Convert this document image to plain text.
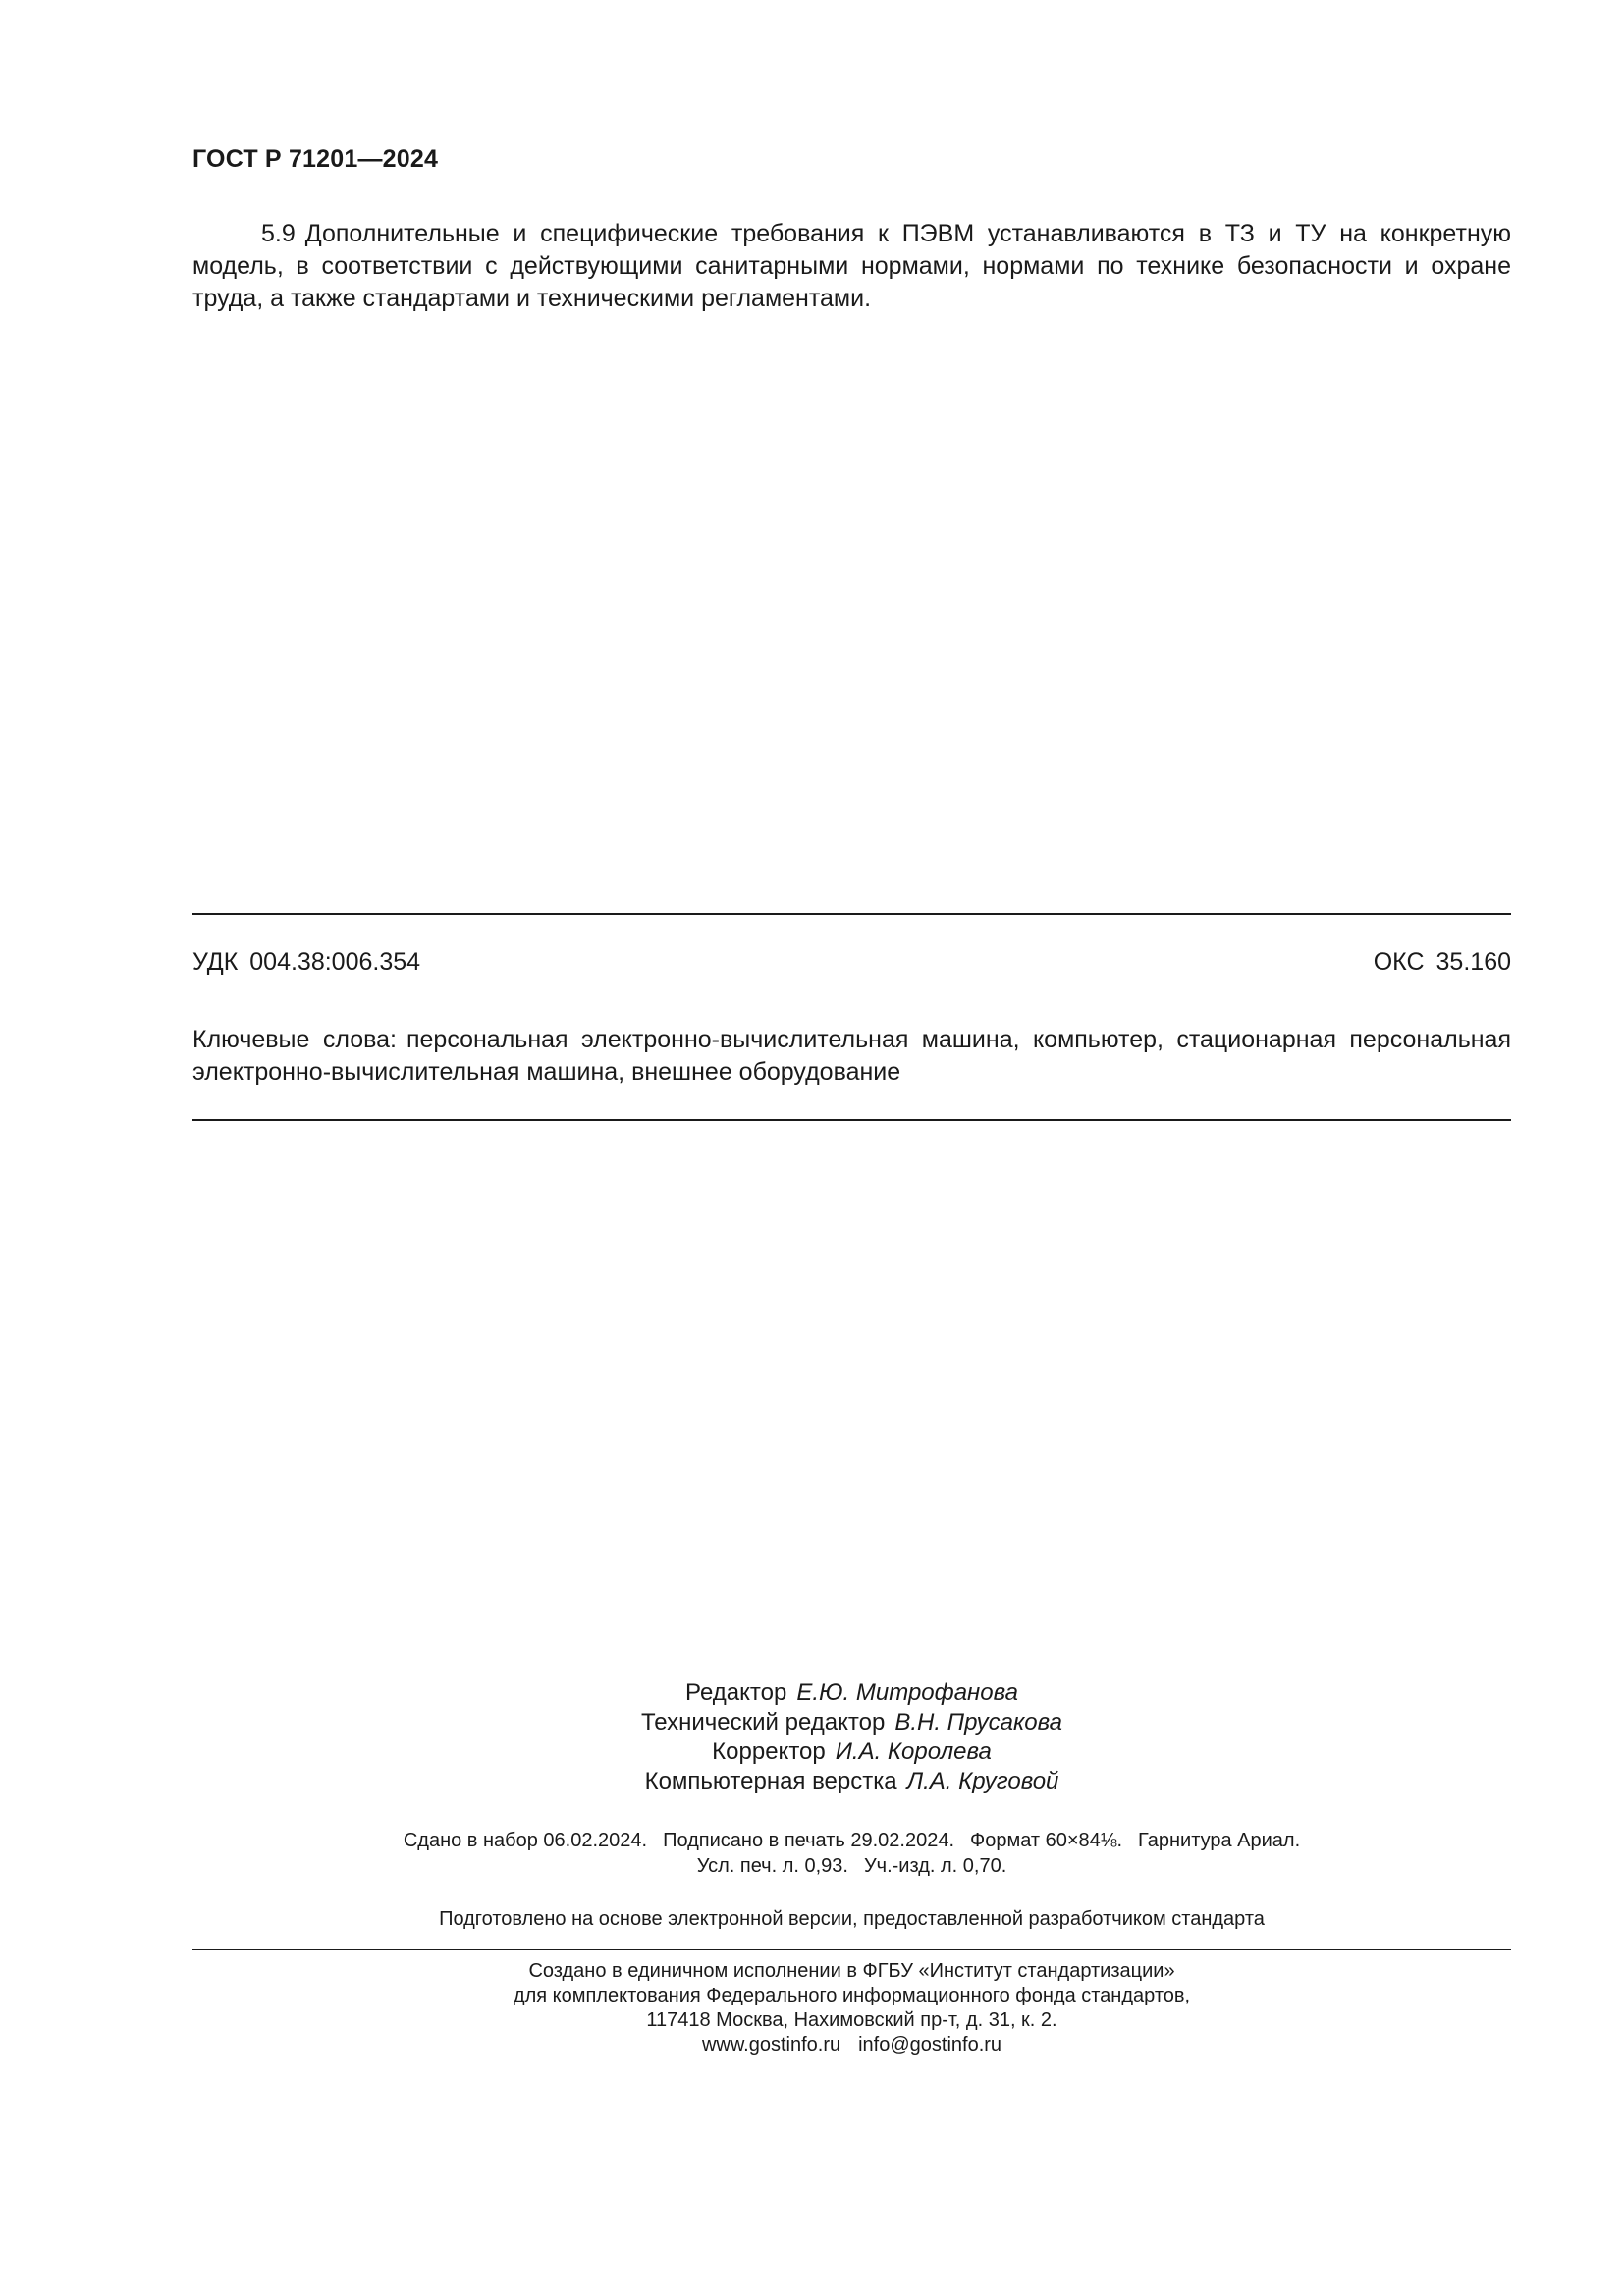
ГОСТ Р 71201—2024

5.9 Дополнительные и специфические требования к ПЭВМ устанавливаются в ТЗ и ТУ на конкретную модель, в соответствии с действующими санитарными нормами, нормами по технике безопасности и охране труда, а также стандартами и техническими регламентами.

УДК 004.38:006.354	ОКС 35.160

Ключевые слова: персональная электронно-вычислительная машина, компьютер, стационарная персональная электронно-вычислительная машина, внешнее оборудование

Редактор Е.Ю. Митрофанова
Технический редактор В.Н. Прусакова
Корректор И.А. Королева
Компьютерная верстка Л.А. Круговой
Сдано в набор 06.02.2024. Подписано в печать 29.02.2024. Формат 60×84⅛. Гарнитура Ариал.
Усл. печ. л. 0,93. Уч.-изд. л. 0,70.
Подготовлено на основе электронной версии, предоставленной разработчиком стандарта
Создано в единичном исполнении в ФГБУ «Институт стандартизации»
для комплектования Федерального информационного фонда стандартов,
117418 Москва, Нахимовский пр-т, д. 31, к. 2.
www.gostinfo.ru info@gostinfo.ru
